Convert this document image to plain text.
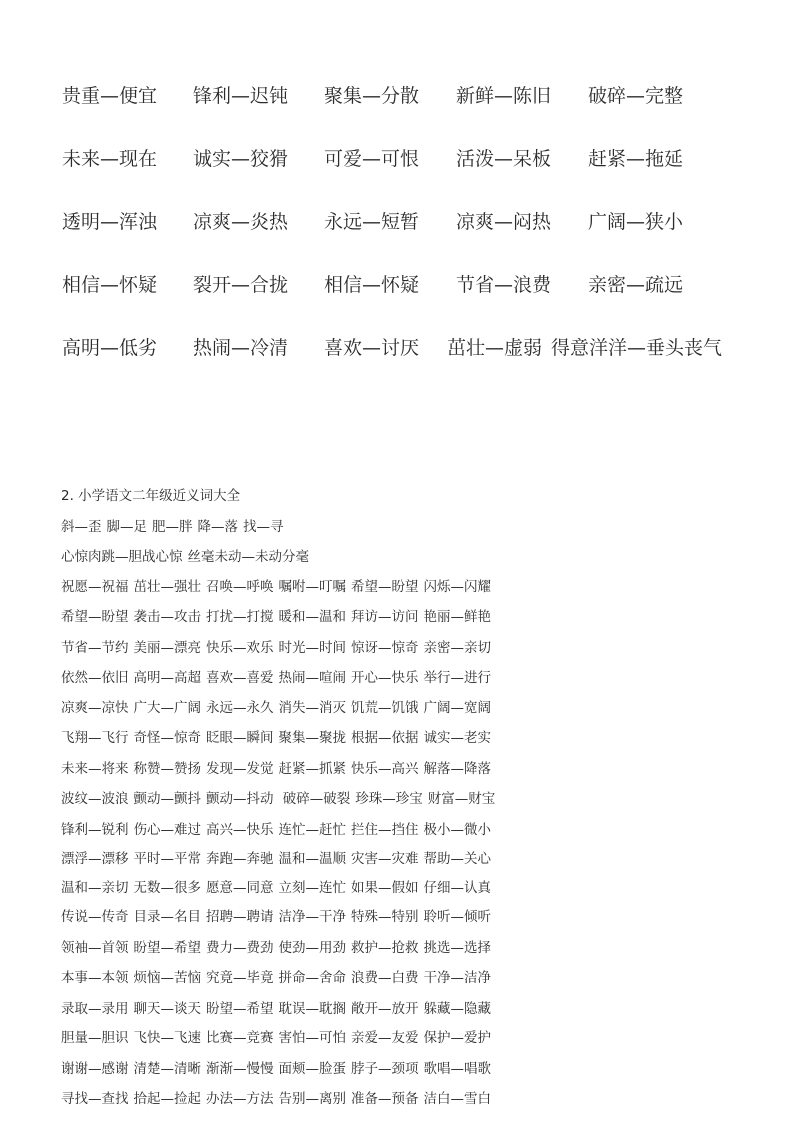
贵重—便宜 锋利—迟钝 聚集—分散 新鲜—陈旧 破碎—完整
未来—现在 诚实—狡猾 可爱—可恨 活泼—呆板 赶紧—拖延
透明—浑浊 凉爽—炎热 永远—短暂 凉爽—闷热 广阔—狭小
相信—怀疑 裂开—合拢 相信—怀疑 节省—浪费 亲密—疏远
高明—低劣 热闹—冷清 喜欢—讨厌 茁壮—虚弱 得意洋洋—垂头丧气
2. 小学语文二年级近义词大全
斜—歪 脚—足 肥—胖 降—落 找—寻
心惊肉跳—胆战心惊 丝毫未动—未动分毫
祝愿—祝福 茁壮—强壮 召唤—呼唤 嘱咐—叮嘱 希望—盼望 闪烁—闪耀
希望—盼望 袭击—攻击 打扰—打搅 暖和—温和 拜访—访问 艳丽—鲜艳
节省—节约 美丽—漂亮 快乐—欢乐 时光—时间 惊讶—惊奇 亲密—亲切
依然—依旧 高明—高超 喜欢—喜爱 热闹—喧闹 开心—快乐 举行—进行
凉爽—凉快 广大—广阔 永远—永久 消失—消灭 饥荒—饥饿 广阔—宽阔
飞翔—飞行 奇怪—惊奇 眨眼—瞬间 聚集—聚拢 根据—依据 诚实—老实
未来—将来 称赞—赞扬 发现—发觉 赶紧—抓紧 快乐—高兴 解落—降落
波纹—波浪 颤动—颤抖 颤动—抖动 破碎—破裂 珍珠—珍宝 财富—财宝
锋利—锐利 伤心—难过 高兴—快乐 连忙—赶忙 拦住—挡住 极小—微小
漂浮—漂移 平时—平常 奔跑—奔驰 温和—温顺 灾害—灾难 帮助—关心
温和—亲切 无数—很多 愿意—同意 立刻—连忙 如果—假如 仔细—认真
传说—传奇 目录—名目 招聘—聘请 洁净—干净 特殊—特别 聆听—倾听
领袖—首领 盼望—希望 费力—费劲 使劲—用劲 救护—抢救 挑选—选择
本事—本领 烦恼—苦恼 究竟—毕竟 拼命—舍命 浪费—白费 干净—洁净
录取—录用 聊天—谈天 盼望—希望 耽误—耽搁 敞开—放开 躲藏—隐藏
胆量—胆识 飞快—飞速 比赛—竞赛 害怕—可怕 亲爱—友爱 保护—爱护
谢谢—感谢 清楚—清晰 渐渐—慢慢 面颊—脸蛋 脖子—颈项 歌唱—唱歌
寻找—查找 拾起—捡起 办法—方法 告别—离别 准备—预备 洁白—雪白
